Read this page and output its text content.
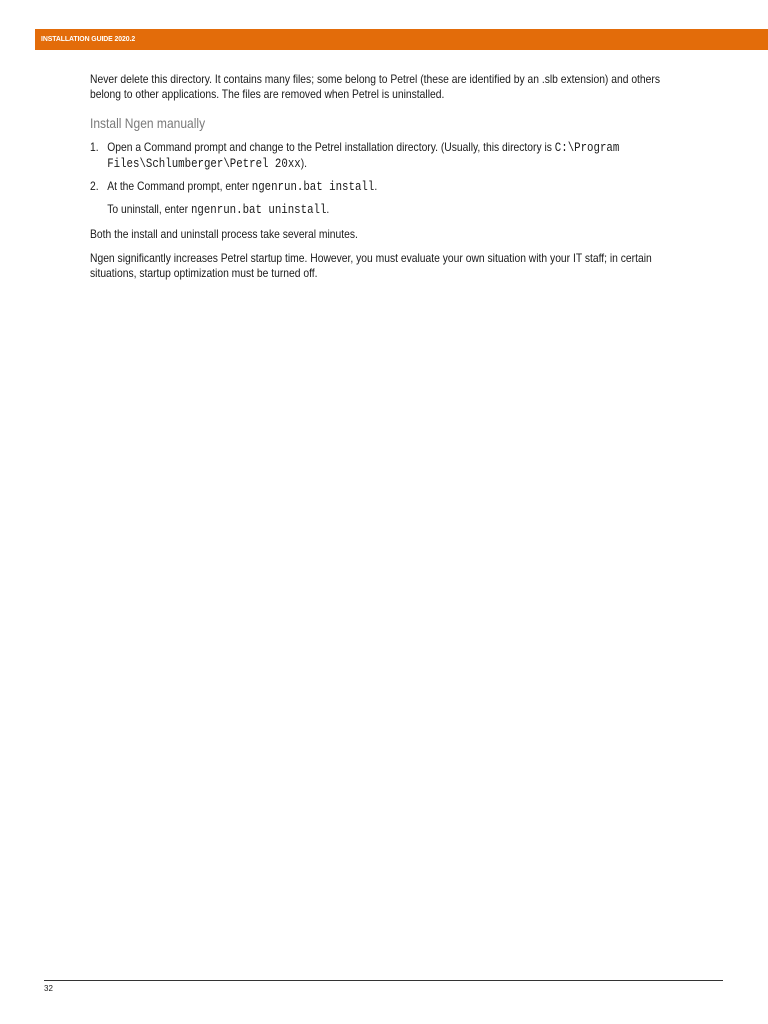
INSTALLATION GUIDE 2020.2

Never delete this directory. It contains many files; some belong to Petrel (these are identified by an .slb extension) and others belong to other applications. The files are removed when Petrel is uninstalled.

Install Ngen manually

1. Open a Command prompt and change to the Petrel installation directory. (Usually, this directory is C:\Program Files\Schlumberger\Petrel 20xx).
2. At the Command prompt, enter ngenrun.bat install.

To uninstall, enter ngenrun.bat uninstall.

Both the install and uninstall process take several minutes.

Ngen significantly increases Petrel startup time. However, you must evaluate your own situation with your IT staff; in certain situations, startup optimization must be turned off.

32
